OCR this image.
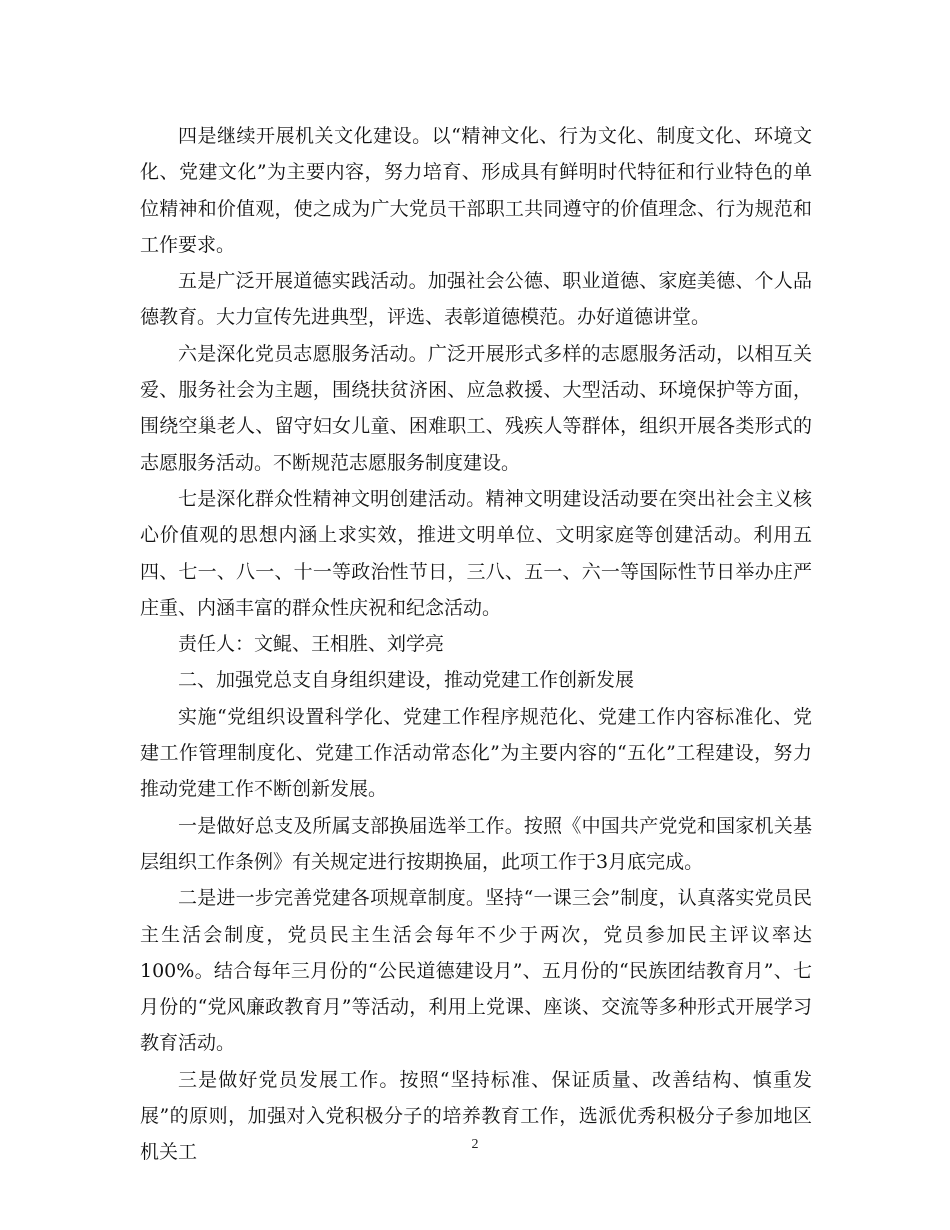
四是继续开展机关文化建设。以“精神文化、行为文化、制度文化、环境文化、党建文化”为主要内容，努力培育、形成具有鲜明时代特征和行业特色的单位精神和价值观，使之成为广大党员干部职工共同遵守的价值理念、行为规范和工作要求。

五是广泛开展道德实践活动。加强社会公德、职业道德、家庭美德、个人品德教育。大力宣传先进典型，评选、表彰道德模范。办好道德讲堂。

六是深化党员志愿服务活动。广泛开展形式多样的志愿服务活动，以相互关爱、服务社会为主题，围绕扶贫济困、应急救援、大型活动、环境保护等方面，围绕空巢老人、留守妇女儿童、困难职工、残疾人等群体，组织开展各类形式的志愿服务活动。不断规范志愿服务制度建设。

七是深化群众性精神文明创建活动。精神文明建设活动要在突出社会主义核心价值观的思想内涵上求实效，推进文明单位、文明家庭等创建活动。利用五四、七一、八一、十一等政治性节日，三八、五一、六一等国际性节日举办庄严庄重、内涵丰富的群众性庆祝和纪念活动。

责任人：文鲲、王相胜、刘学亮

二、加强党总支自身组织建设，推动党建工作创新发展

实施“党组织设置科学化、党建工作程序规范化、党建工作内容标准化、党建工作管理制度化、党建工作活动常态化”为主要内容的“五化”工程建设，努力推动党建工作不断创新发展。

一是做好总支及所属支部换届选举工作。按照《中国共产党党和国家机关基层组织工作条例》有关规定进行按期换届，此项工作于3月底完成。

二是进一步完善党建各项规章制度。坚持“一课三会”制度，认真落实党员民主生活会制度，党员民主生活会每年不少于两次，党员参加民主评议率达100%。结合每年三月份的“公民道德建设月”、五月份的“民族团结教育月”、七月份的“党风廉政教育月”等活动，利用上党课、座谈、交流等多种形式开展学习教育活动。

三是做好党员发展工作。按照“坚持标准、保证质量、改善结构、慎重发展”的原则，加强对入党积极分子的培养教育工作，选派优秀积极分子参加地区机关工	2
